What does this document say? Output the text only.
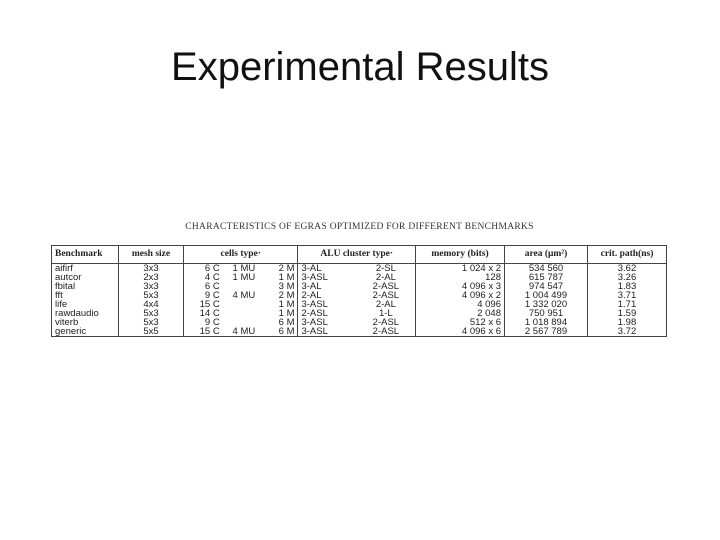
Experimental Results
CHARACTERISTICS OF EGRAS OPTIMIZED FOR DIFFERENT BENCHMARKS
Benchmark	mesh size	cells type·			ALU cluster type·		memory (bits)	area (μm²)	crit. path(ns)
aifirf	3x3	6 C	1 MU	2 M	3-AL	2-SL	1 024 x 2	534 560	3.62
autcor	2x3	4 C	1 MU	1 M	3-ASL	2-AL	128	615 787	3.26
fbital	3x3	6 C		3 M	3-AL	2-ASL	4 096 x 3	974 547	1.83
fft	5x3	9 C	4 MU	2 M	2-AL	2-ASL	4 096 x 2	1 004 499	3.71
life	4x4	15 C		1 M	3-ASL	2-AL	4 096	1 332 020	1.71
rawdaudio	5x3	14 C		1 M	2-ASL	1-L	2 048	750 951	1.59
viterb	5x3	9 C		6 M	3-ASL	2-ASL	512 x 6	1 018 894	1.98
generic	5x5	15 C	4 MU	6 M	3-ASL	2-ASL	4 096 x 6	2 567 789	3.72
